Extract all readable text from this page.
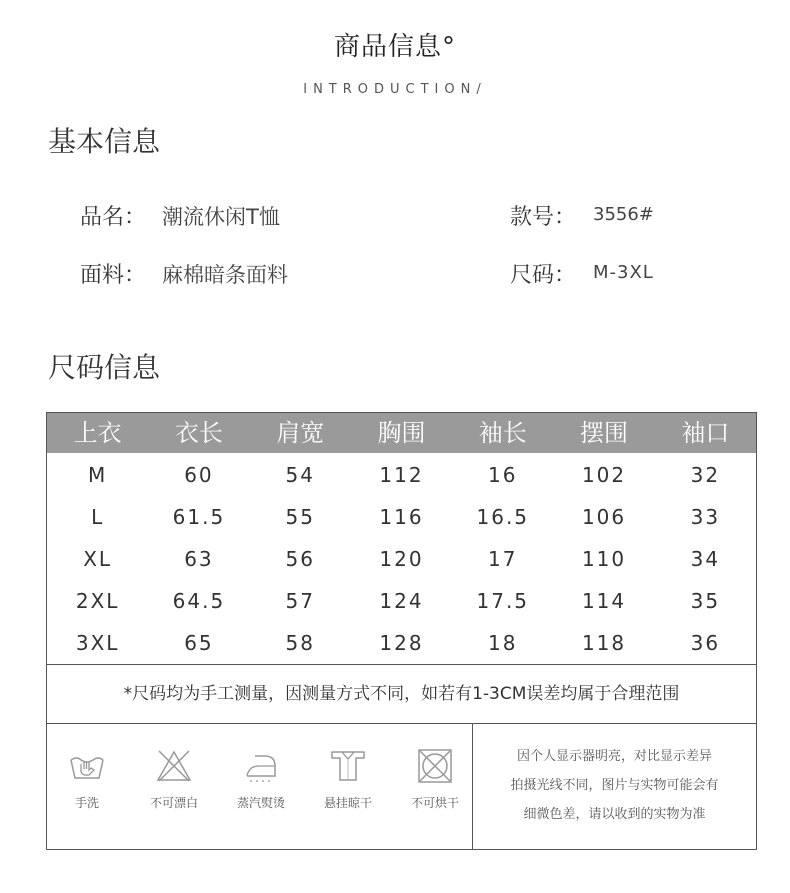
商品信息°
INTRODUCTION/
基本信息
品名： 潮流休闲T恤	款号： 3556#
面料： 麻棉暗条面料	尺码： M-3XL
尺码信息
上衣	衣长	肩宽	胸围	袖长	摆围	袖口
M	60	54	112	16	102	32
L	61.5	55	116	16.5	106	33
XL	63	56	120	17	110	34
2XL	64.5	57	124	17.5	114	35
3XL	65	58	128	18	118	36
*尺码均为手工测量，因测量方式不同，如若有1-3CM误差均属于合理范围
手洗	不可漂白	蒸汽熨烫	悬挂晾干	不可烘干
因个人显示器明亮，对比显示差异
拍摄光线不同，图片与实物可能会有
细微色差，请以收到的实物为准
